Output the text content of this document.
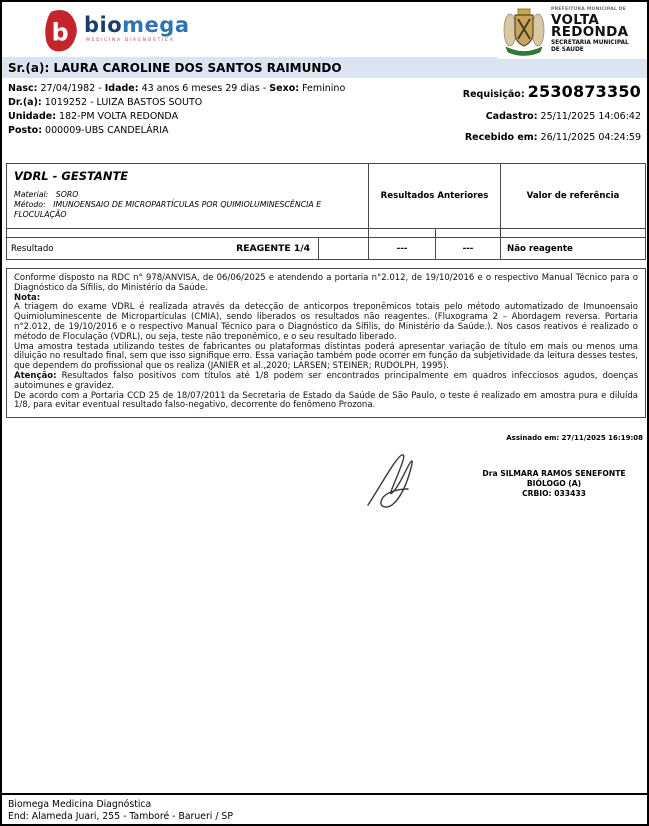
b biomega
MEDICINA DIAGNÓSTICA
PREFEITURA MUNICIPAL DE
VOLTA
REDONDA
SECRETARIA MUNICIPAL
DE SAUDE
Sr.(a): LAURA CAROLINE DOS SANTOS RAIMUNDO
Nasc: 27/04/1982 - Idade: 43 anos 6 meses 29 dias - Sexo: Feminino
Dr.(a): 1019252 - LUIZA BASTOS SOUTO
Unidade: 182-PM VOLTA REDONDA
Posto: 000009-UBS CANDELÁRIA
Requisição: 2530873350
Cadastro: 25/11/2025 14:06:42
Recebido em: 26/11/2025 04:24:59
VDRL - GESTANTE
Material: SORO
Método: IMUNOENSAIO DE MICROPARTÍCULAS POR QUIMIOLUMINESCÊNCIA E FLOCULAÇÃO
Resultados Anteriores	Valor de referência
Resultado	REAGENTE 1/4	---	---	Não reagente
Conforme disposto na RDC n° 978/ANVISA, de 06/06/2025 e atendendo a portaria n°2.012, de 19/10/2016 e o respectivo Manual Técnico para o Diagnóstico da Sífilis, do Ministério da Saúde.
Nota:
A triagem do exame VDRL é realizada através da detecção de anticorpos treponêmicos totais pelo método automatizado de Imunoensaio Quimioluminescente de Micropartículas (CMIA), sendo liberados os resultados não reagentes. (Fluxograma 2 – Abordagem reversa. Portaria n°2.012, de 19/10/2016 e o respectivo Manual Técnico para o Diagnóstico da Sífilis, do Ministério da Saúde.). Nos casos reativos é realizado o método de Floculação (VDRL), ou seja, teste não treponêmico, e o seu resultado liberado.
Uma amostra testada utilizando testes de fabricantes ou plataformas distintas poderá apresentar variação de título em mais ou menos uma diluição no resultado final, sem que isso signifique erro. Essa variação também pode ocorrer em função da subjetividade da leitura desses testes, que dependem do profissional que os realiza (JANIER et al.,2020; LARSEN; STEINER; RUDOLPH, 1995).
Atenção: Resultados falso positivos com títulos até 1/8 podem ser encontrados principalmente em quadros infecciosos agudos, doenças autoimunes e gravidez.
De acordo com a Portaria CCD 25 de 18/07/2011 da Secretaria de Estado da Saúde de São Paulo, o teste é realizado em amostra pura e diluída 1/8, para evitar eventual resultado falso-negativo, decorrente do fenômeno Prozona.
Assinado em: 27/11/2025 16:19:08
Dra SILMARA RAMOS SENEFONTE
BIÓLOGO (A)
CRBIO: 033433
Biomega Medicina Diagnóstica
End: Alameda Juari, 255 - Tamboré - Barueri / SP
